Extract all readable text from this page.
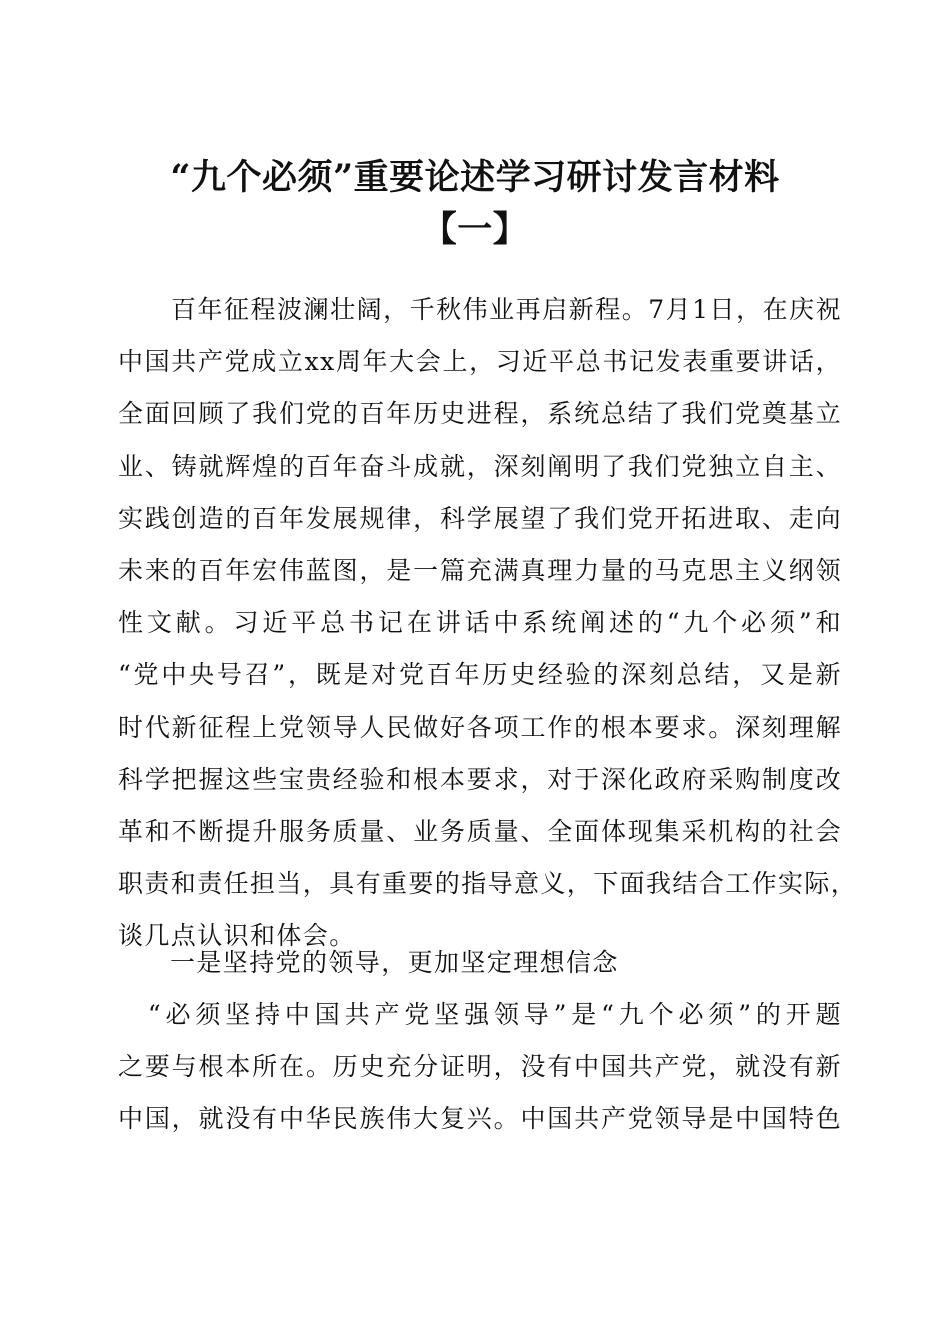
“九个必须”重要论述学习研讨发言材料
【一】
　　百年征程波澜壮阔，千秋伟业再启新程。7月1日，在庆祝
中国共产党成立xx周年大会上，习近平总书记发表重要讲话，
全面回顾了我们党的百年历史进程，系统总结了我们党奠基立
业、铸就辉煌的百年奋斗成就，深刻阐明了我们党独立自主、
实践创造的百年发展规律，科学展望了我们党开拓进取、走向
未来的百年宏伟蓝图，是一篇充满真理力量的马克思主义纲领
性文献。习近平总书记在讲话中系统阐述的“九个必须”和
“党中央号召”，既是对党百年历史经验的深刻总结，又是新
时代新征程上党领导人民做好各项工作的根本要求。深刻理解
科学把握这些宝贵经验和根本要求，对于深化政府采购制度改
革和不断提升服务质量、业务质量、全面体现集采机构的社会
职责和责任担当，具有重要的指导意义，下面我结合工作实际，
谈几点认识和体会。
一是坚持党的领导，更加坚定理想信念
　“必须坚持中国共产党坚强领导”是“九个必须”的开题
之要与根本所在。历史充分证明，没有中国共产党，就没有新
中国，就没有中华民族伟大复兴。中国共产党领导是中国特色
